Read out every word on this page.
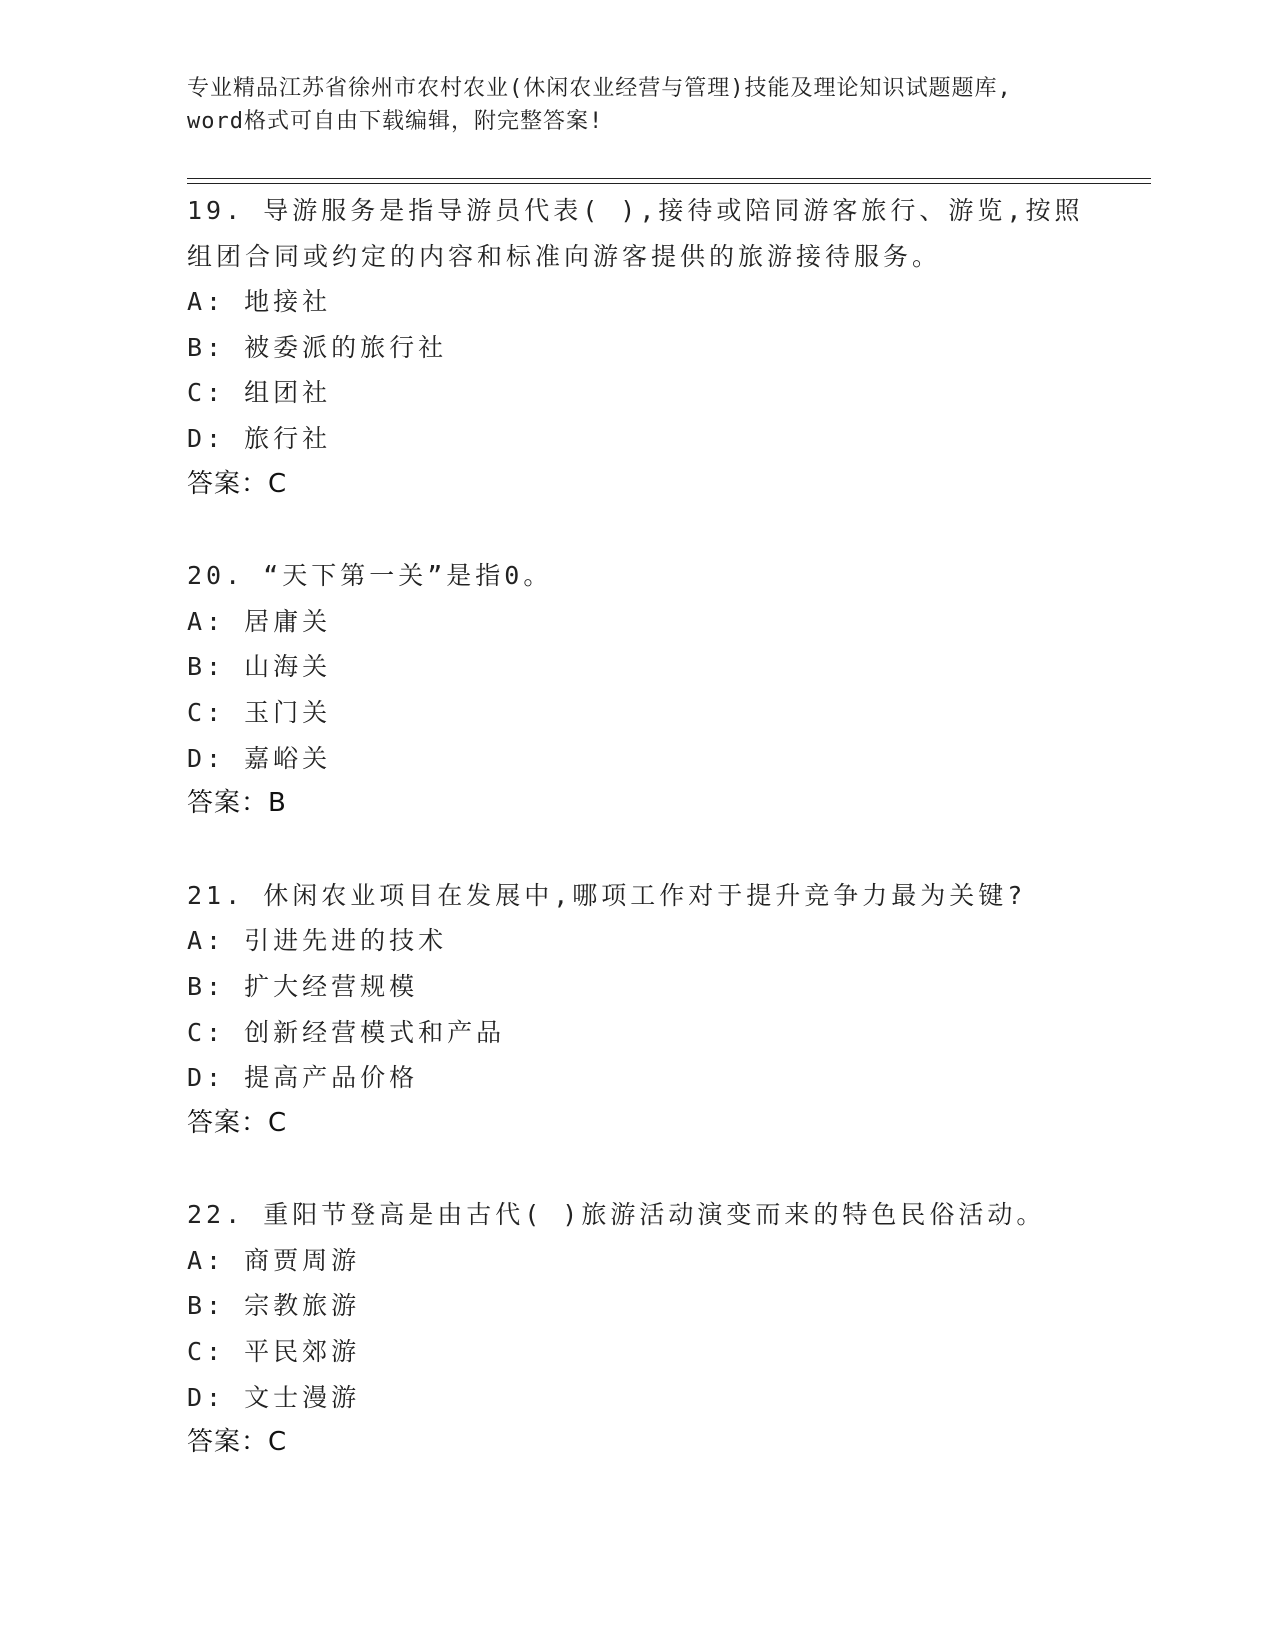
专业精品江苏省徐州市农村农业(休闲农业经营与管理)技能及理论知识试题题库,
word格式可自由下载编辑，附完整答案!
19. 导游服务是指导游员代表( ),接待或陪同游客旅行、游览,按照
组团合同或约定的内容和标准向游客提供的旅游接待服务。
A: 地接社
B: 被委派的旅行社
C: 组团社
D: 旅行社
答案：C
20. “天下第一关”是指0。
A: 居庸关
B: 山海关
C: 玉门关
D: 嘉峪关
答案：B
21. 休闲农业项目在发展中,哪项工作对于提升竞争力最为关键?
A: 引进先进的技术
B: 扩大经营规模
C: 创新经营模式和产品
D: 提高产品价格
答案：C
22. 重阳节登高是由古代( )旅游活动演变而来的特色民俗活动。
A: 商贾周游
B: 宗教旅游
C: 平民郊游
D: 文士漫游
答案：C
